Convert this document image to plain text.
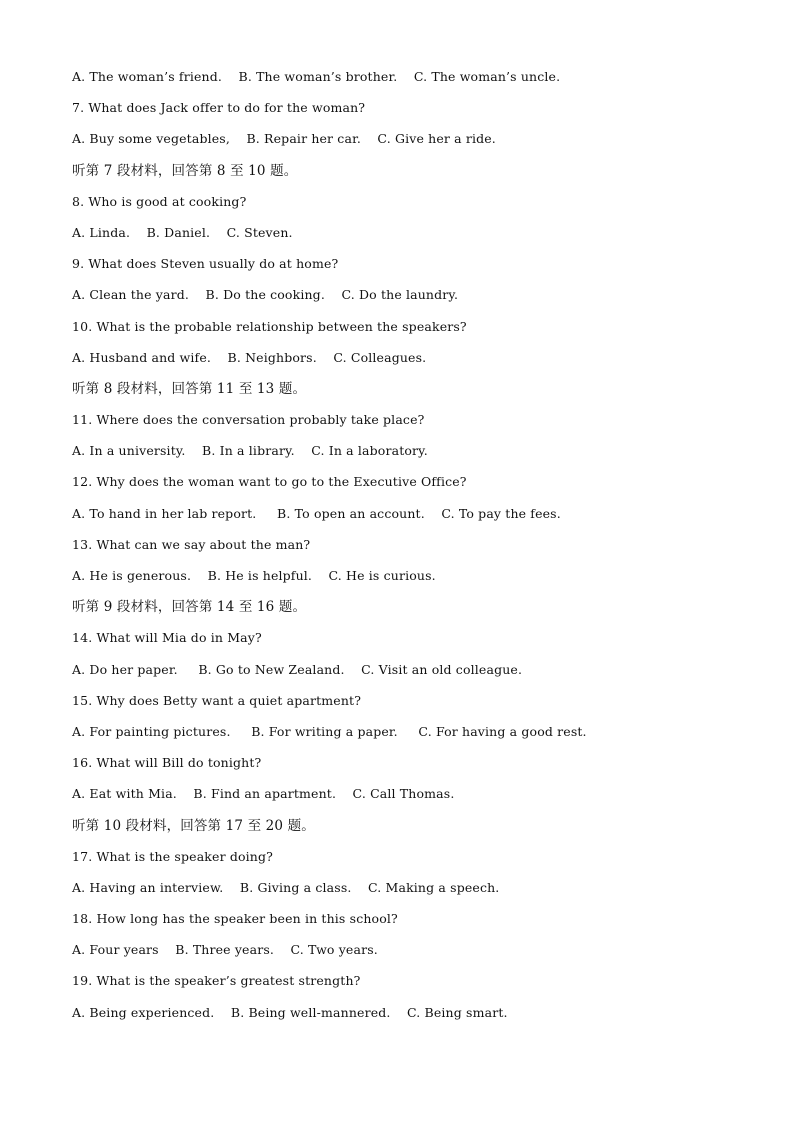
A. The woman’s friend.    B. The woman’s brother.    C. The woman’s uncle.
7. What does Jack offer to do for the woman?
A. Buy some vegetables,    B. Repair her car.    C. Give her a ride.
听第 7 段材料，回答第 8 至 10 题。
8. Who is good at cooking?
A. Linda.    B. Daniel.    C. Steven.
9. What does Steven usually do at home?
A. Clean the yard.    B. Do the cooking.    C. Do the laundry.
10. What is the probable relationship between the speakers?
A. Husband and wife.    B. Neighbors.    C. Colleagues.
听第 8 段材料，回答第 11 至 13 题。
11. Where does the conversation probably take place?
A. In a university.    B. In a library.    C. In a laboratory.
12. Why does the woman want to go to the Executive Office?
A. To hand in her lab report.     B. To open an account.    C. To pay the fees.
13. What can we say about the man?
A. He is generous.    B. He is helpful.    C. He is curious.
听第 9 段材料，回答第 14 至 16 题。
14. What will Mia do in May?
A. Do her paper.     B. Go to New Zealand.    C. Visit an old colleague.
15. Why does Betty want a quiet apartment?
A. For painting pictures.     B. For writing a paper.     C. For having a good rest.
16. What will Bill do tonight?
A. Eat with Mia.    B. Find an apartment.    C. Call Thomas.
听第 10 段材料，回答第 17 至 20 题。
17. What is the speaker doing?
A. Having an interview.    B. Giving a class.    C. Making a speech.
18. How long has the speaker been in this school?
A. Four years    B. Three years.    C. Two years.
19. What is the speaker’s greatest strength?
A. Being experienced.    B. Being well-mannered.    C. Being smart.
